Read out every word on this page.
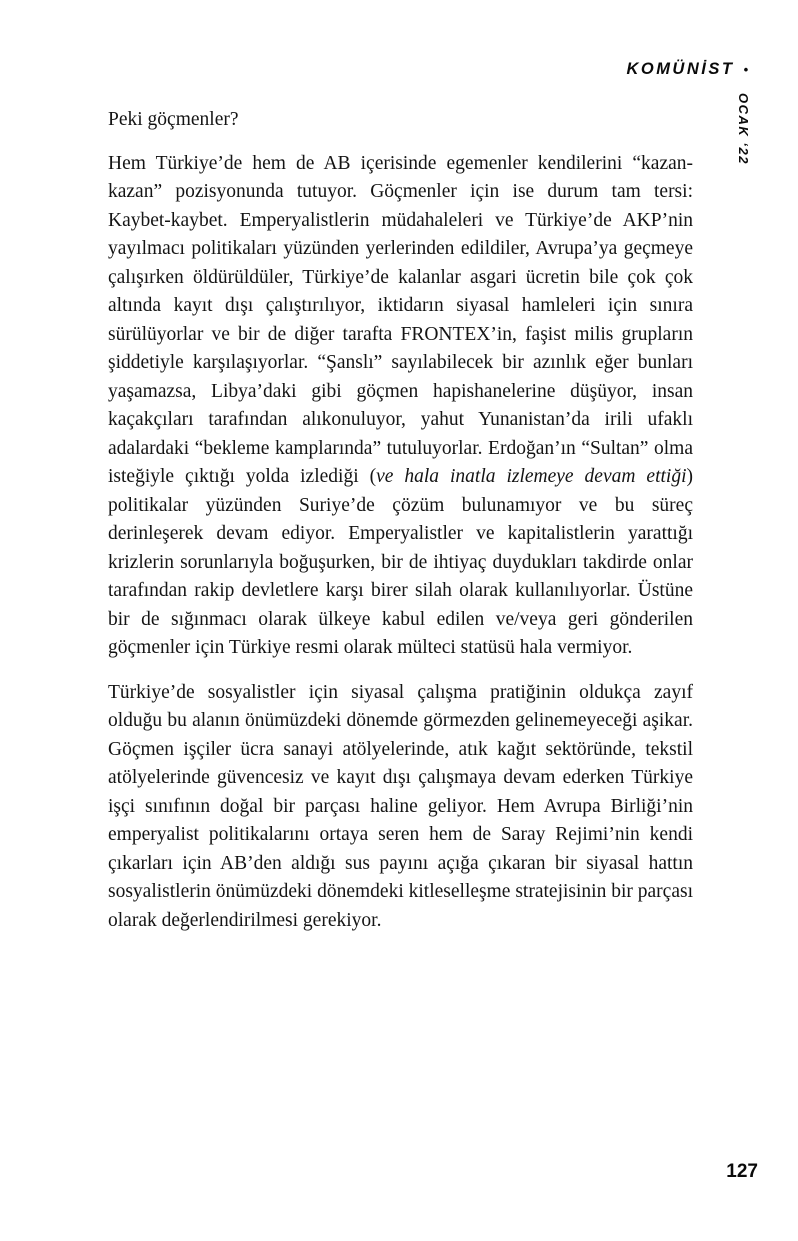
KOMÜNİST •
OCAK ‘22

Peki göçmenler?

Hem Türkiye’de hem de AB içerisinde egemenler kendilerini “kazan-kazan” pozisyonunda tutuyor. Göçmenler için ise durum tam tersi: Kaybet-kaybet. Emperyalistlerin müdahaleleri ve Türkiye’de AKP’nin yayılmacı politikaları yüzünden yerlerinden edildiler, Avrupa’ya geçmeye çalışırken öldürüldüler, Türkiye’de kalanlar asgari ücretin bile çok çok altında kayıt dışı çalıştırılıyor, iktidarın siyasal hamleleri için sınıra sürülüyorlar ve bir de diğer tarafta FRONTEX’in, faşist milis grupların şiddetiyle karşılaşıyorlar. “Şanslı” sayılabilecek bir azınlık eğer bunları yaşamazsa, Libya’daki gibi göçmen hapishanelerine düşüyor, insan kaçakçıları tarafından alıkonuluyor, yahut Yunanistan’da irili ufaklı adalardaki “bekleme kamplarında” tutuluyorlar. Erdoğan’ın “Sultan” olma isteğiyle çıktığı yolda izlediği (ve hala inatla izlemeye devam ettiği) politikalar yüzünden Suriye’de çözüm bulunamıyor ve bu süreç derinleşerek devam ediyor. Emperyalistler ve kapitalistlerin yarattığı krizlerin sorunlarıyla boğuşurken, bir de ihtiyaç duydukları takdirde onlar tarafından rakip devletlere karşı birer silah olarak kullanılıyorlar. Üstüne bir de sığınmacı olarak ülkeye kabul edilen ve/veya geri gönderilen göçmenler için Türkiye resmi olarak mülteci statüsü hala vermiyor.

Türkiye’de sosyalistler için siyasal çalışma pratiğinin oldukça zayıf olduğu bu alanın önümüzdeki dönemde görmezden gelinemeyeceği aşikar. Göçmen işçiler ücra sanayi atölyelerinde, atık kağıt sektöründe, tekstil atölyelerinde güvencesiz ve kayıt dışı çalışmaya devam ederken Türkiye işçi sınıfının doğal bir parçası haline geliyor. Hem Avrupa Birliği’nin emperyalist politikalarını ortaya seren hem de Saray Rejimi’nin kendi çıkarları için AB’den aldığı sus payını açığa çıkaran bir siyasal hattın sosyalistlerin önümüzdeki dönemdeki kitleselleşme stratejisinin bir parçası olarak değerlendirilmesi gerekiyor.

127
